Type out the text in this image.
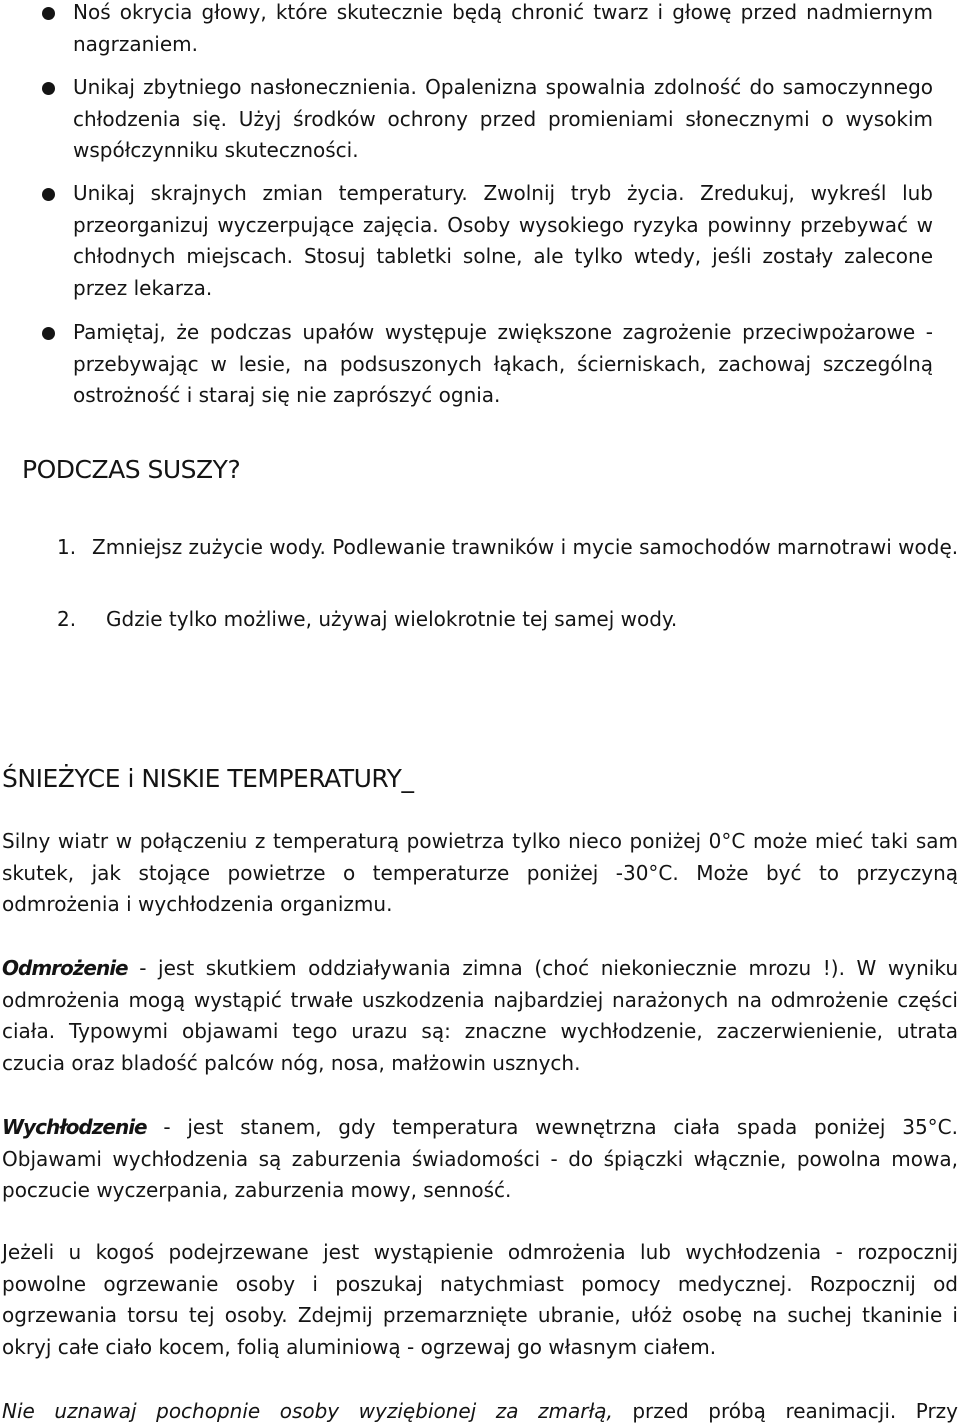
Noś okrycia głowy, które skutecznie będą chronić twarz i głowę przed nadmiernym nagrzaniem.

Unikaj zbytniego nasłonecznienia. Opalenizna spowalnia zdolność do samoczynnego chłodzenia się. Użyj środków ochrony przed promieniami słonecznymi o wysokim współczynniku skuteczności.

Unikaj skrajnych zmian temperatury. Zwolnij tryb życia. Zredukuj, wykreśl lub przeorganizuj wyczerpujące zajęcia. Osoby wysokiego ryzyka powinny przebywać w chłodnych miejscach. Stosuj tabletki solne, ale tylko wtedy, jeśli zostały zalecone przez lekarza.

Pamiętaj, że podczas upałów występuje zwiększone zagrożenie przeciwpożarowe - przebywając w lesie, na podsuszonych łąkach, ścierniskach, zachowaj szczególną ostrożność i staraj się nie zaprószyć ognia.

PODCZAS SUSZY?
1. Zmniejsz zużycie wody. Podlewanie trawników i mycie samochodów marnotrawi wodę.

2. Gdzie tylko możliwe, używaj wielokrotnie tej samej wody.

ŚNIEŻYCE i NISKIE TEMPERATURY_

Silny wiatr w połączeniu z temperaturą powietrza tylko nieco poniżej 0°C może mieć taki sam skutek, jak stojące powietrze o temperaturze poniżej -30°C. Może być to przyczyną odmrożenia i wychłodzenia organizmu.

Odmrożenie - jest skutkiem oddziaływania zimna (choć niekoniecznie mrozu !). W wyniku odmrożenia mogą wystąpić trwałe uszkodzenia najbardziej narażonych na odmrożenie części ciała. Typowymi objawami tego urazu są: znaczne wychłodzenie, zaczerwienienie, utrata czucia oraz bladość palców nóg, nosa, małżowin usznych.

Wychłodzenie - jest stanem, gdy temperatura wewnętrzna ciała spada poniżej 35°C. Objawami wychłodzenia są zaburzenia świadomości - do śpiączki włącznie, powolna mowa, poczucie wyczerpania, zaburzenia mowy, senność.

Jeżeli u kogoś podejrzewane jest wystąpienie odmrożenia lub wychłodzenia - rozpocznij powolne ogrzewanie osoby i poszukaj natychmiast pomocy medycznej. Rozpocznij od ogrzewania torsu tej osoby. Zdejmij przemarznięte ubranie, ułóż osobę na suchej tkaninie i okryj całe ciało kocem, folią aluminiową - ogrzewaj go własnym ciałem.

Nie uznawaj pochopnie osoby wyziębionej za zmarłą, przed próbą reanimacji. Przy
